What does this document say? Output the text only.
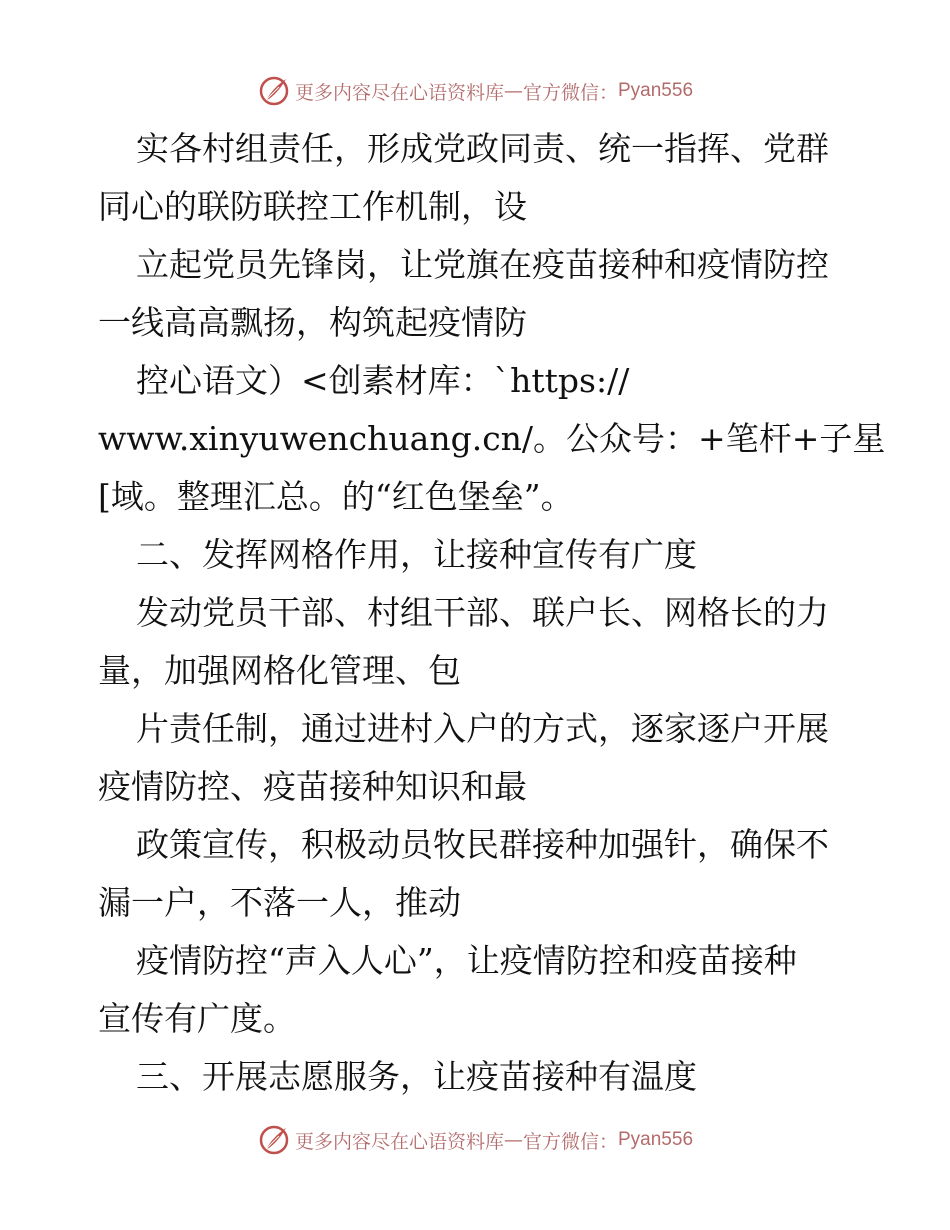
更多内容尽在心语资料库 — 官方微信： Pyan556
实各村组责任，形成党政同责、统一指挥、党群
同心的联防联控工作机制，设
立起党员先锋岗，让党旗在疫苗接种和疫情防控
一线高高飘扬，构筑起疫情防
控心语文）<创素材库：`https://
www.xinyuwenchuang.cn/。公众号：+笔杆+子星
[域。整理汇总。的“红色堡垒”。
二、发挥网格作用，让接种宣传有广度
发动党员干部、村组干部、联户长、网格长的力
量，加强网格化管理、包
片责任制，通过进村入户的方式，逐家逐户开展
疫情防控、疫苗接种知识和最
政策宣传，积极动员牧民群接种加强针，确保不
漏一户，不落一人，推动
疫情防控“声入人心”，让疫情防控和疫苗接种
宣传有广度。
三、开展志愿服务，让疫苗接种有温度
更多内容尽在心语资料库 — 官方微信： Pyan556
